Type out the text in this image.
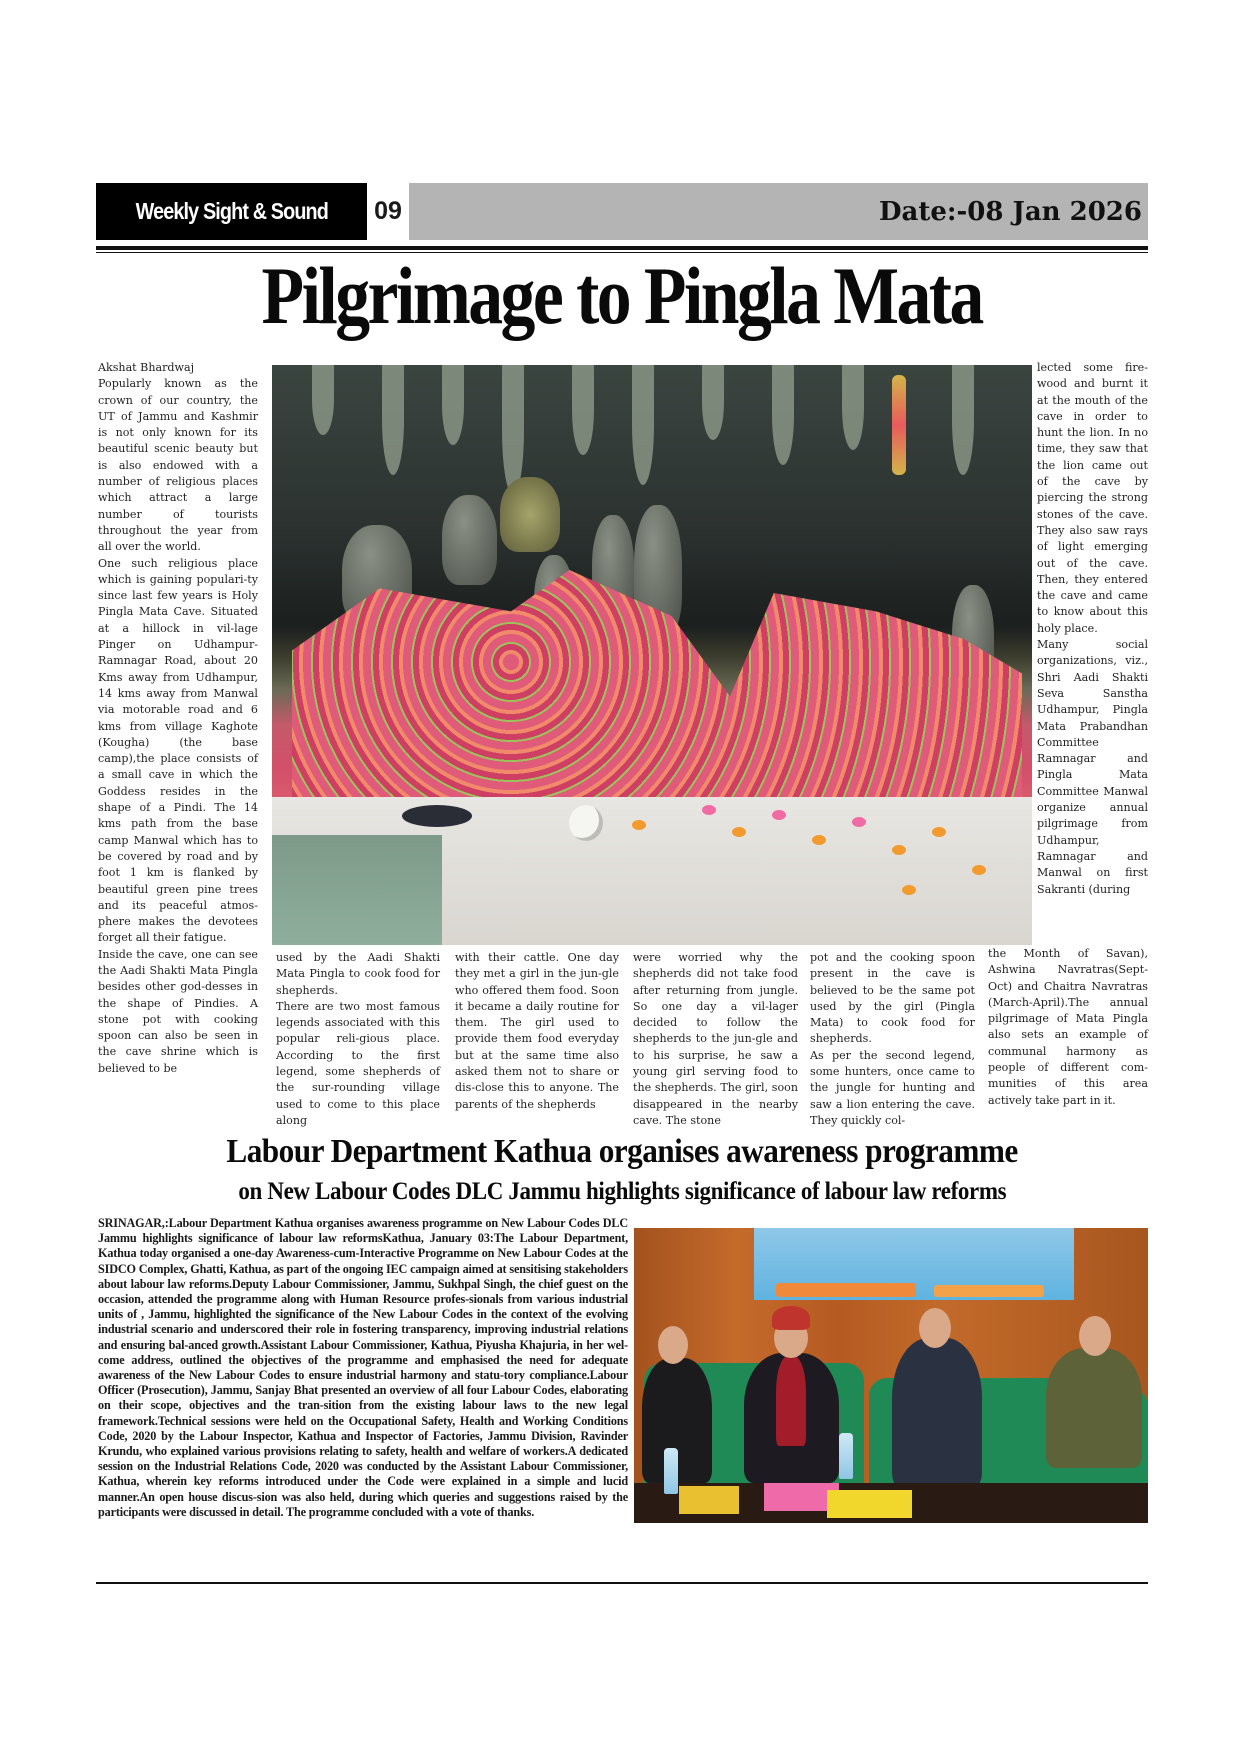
Weekly Sight & Sound 09	Date:-08 Jan 2026
Pilgrimage to Pingla Mata

Akshat Bhardwaj

Popularly known as the crown of our country, the UT of Jammu and Kashmir is not only known for its beautiful scenic beauty but is also endowed with a number of religious places which attract a large number of tourists throughout the year from all over the world.

One such religious place which is gaining populari-ty since last few years is Holy Pingla Mata Cave. Situated at a hillock in vil-lage Pinger on Udhampur-Ramnagar Road, about 20 Kms away from Udhampur, 14 kms away from Manwal via motorable road and 6 kms from village Kaghote (Kougha) (the base camp),the place consists of a small cave in which the Goddess resides in the shape of a Pindi. The 14 kms path from the base camp Manwal which has to be covered by road and by foot 1 km is flanked by beautiful green pine trees and its peaceful atmos-phere makes the devotees forget all their fatigue.

Inside the cave, one can see the Aadi Shakti Mata Pingla besides other god-desses in the shape of Pindies. A stone pot with cooking spoon can also be seen in the cave shrine which is believed to be

used by the Aadi Shakti Mata Pingla to cook food for shepherds.

There are two most famous legends associated with this popular reli-gious place. According to the first legend, some shepherds of the sur-rounding village used to come to this place along

with their cattle. One day they met a girl in the jun-gle who offered them food. Soon it became a daily routine for them. The girl used to provide them food everyday but at the same time also asked them not to share or dis-close this to anyone. The parents of the shepherds

were worried why the shepherds did not take food after returning from jungle. So one day a vil-lager decided to follow the shepherds to the jun-gle and to his surprise, he saw a young girl serving food to the shepherds. The girl, soon disappeared in the nearby cave. The stone

pot and the cooking spoon present in the cave is believed to be the same pot used by the girl (Pingla Mata) to cook food for shepherds.

As per the second legend, some hunters, once came to the jungle for hunting and saw a lion entering the cave. They quickly col-

lected some fire-wood and burnt it at the mouth of the cave in order to hunt the lion. In no time, they saw that the lion came out of the cave by piercing the strong stones of the cave. They also saw rays of light emerging out of the cave. Then, they entered the cave and came to know about this holy place.

Many social organizations, viz., Shri Aadi Shakti Seva Sanstha Udhampur, Pingla Mata Prabandhan Committee Ramnagar and Pingla Mata Committee Manwal organize annual pilgrimage from Udhampur, Ramnagar and Manwal on first Sakranti (during

the Month of Savan), Ashwina Navratras(Sept-Oct) and Chaitra Navratras (March-April).The annual pilgrimage of Mata Pingla also sets an example of communal harmony as people of different com-munities of this area actively take part in it.

Labour Department Kathua organises awareness programme
on New Labour Codes DLC Jammu highlights significance of labour law reforms
SRINAGAR,:Labour Department Kathua organises awareness programme on New Labour Codes DLC Jammu highlights significance of labour law reformsKathua, January 03:The Labour Department, Kathua today organised a one-day Awareness-cum-Interactive Programme on New Labour Codes at the SIDCO Complex, Ghatti, Kathua, as part of the ongoing IEC campaign aimed at sensitising stakeholders about labour law reforms.Deputy Labour Commissioner, Jammu, Sukhpal Singh, the chief guest on the occasion, attended the programme along with Human Resource profes-sionals from various industrial units of , Jammu, highlighted the significance of the New Labour Codes in the context of the evolving industrial scenario and underscored their role in fostering transparency, improving industrial relations and ensuring bal-anced growth.Assistant Labour Commissioner, Kathua, Piyusha Khajuria, in her wel-come address, outlined the objectives of the programme and emphasised the need for adequate awareness of the New Labour Codes to ensure industrial harmony and statu-tory compliance.Labour Officer (Prosecution), Jammu, Sanjay Bhat presented an overview of all four Labour Codes, elaborating on their scope, objectives and the tran-sition from the existing labour laws to the new legal framework.Technical sessions were held on the Occupational Safety, Health and Working Conditions Code, 2020 by the Labour Inspector, Kathua and Inspector of Factories, Jammu Division, Ravinder Krundu, who explained various provisions relating to safety, health and welfare of workers.A dedicated session on the Industrial Relations Code, 2020 was conducted by the Assistant Labour Commissioner, Kathua, wherein key reforms introduced under the Code were explained in a simple and lucid manner.An open house discus-sion was also held, during which queries and suggestions raised by the participants were discussed in detail. The programme concluded with a vote of thanks.
